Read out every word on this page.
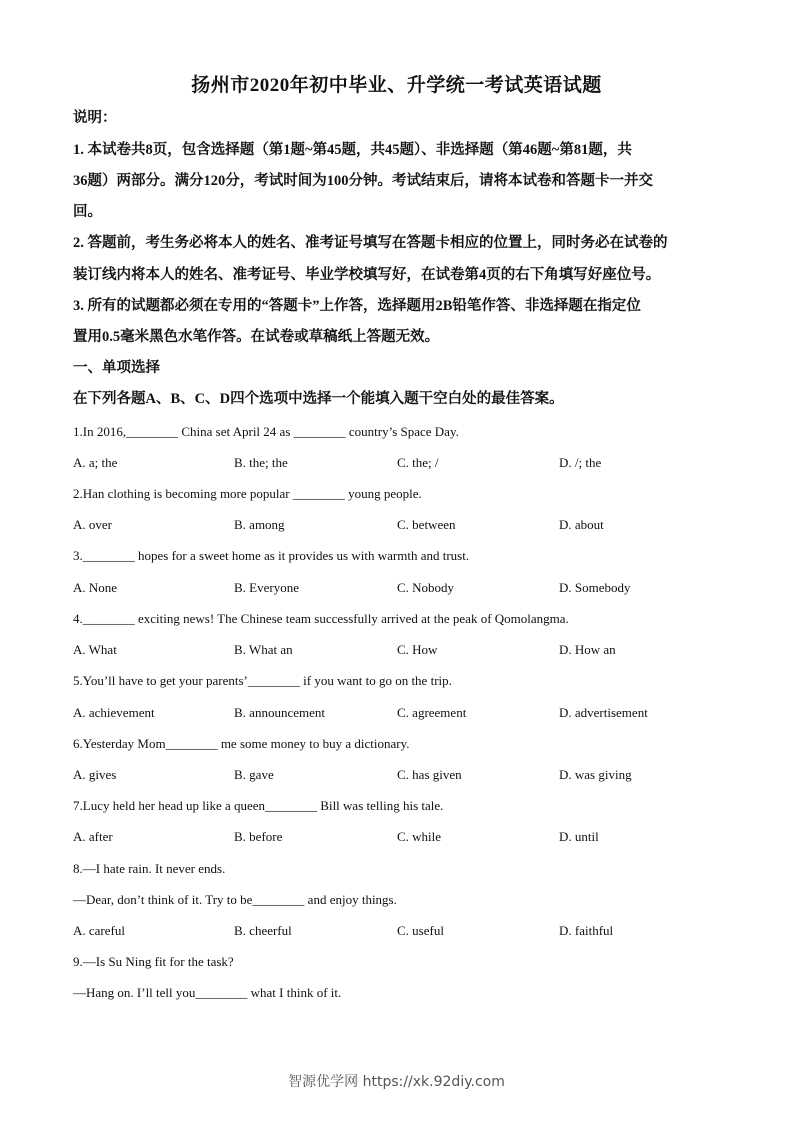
扬州市2020年初中毕业、升学统一考试英语试题
说明：
1. 本试卷共8页，包含选择题（第1题~第45题，共45题）、非选择题（第46题~第81题，共
36题）两部分。满分120分，考试时间为100分钟。考试结束后，请将本试卷和答题卡一并交
回。
2. 答题前，考生务必将本人的姓名、准考证号填写在答题卡相应的位置上，同时务必在试卷的
装订线内将本人的姓名、准考证号、毕业学校填写好，在试卷第4页的右下角填写好座位号。
3. 所有的试题都必须在专用的“答题卡”上作答，选择题用2B铅笔作答、非选择题在指定位
置用0.5毫米黑色水笔作答。在试卷或草稿纸上答题无效。
一、单项选择
在下列各题A、B、C、D四个选项中选择一个能填入题干空白处的最佳答案。
1.In 2016,________ China set April 24 as ________ country’s Space Day.
A. a; the	B. the; the	C. the; /	D. /; the
2.Han clothing is becoming more popular ________ young people.
A. over	B. among	C. between	D. about
3.________ hopes for a sweet home as it provides us with warmth and trust.
A. None	B. Everyone	C. Nobody	D. Somebody
4.________ exciting news! The Chinese team successfully arrived at the peak of Qomolangma.
A. What	B. What an	C. How	D. How an
5.You’ll have to get your parents’________ if you want to go on the trip.
A. achievement	B. announcement	C. agreement	D. advertisement
6.Yesterday Mom________ me some money to buy a dictionary.
A. gives	B. gave	C. has given	D. was giving
7.Lucy held her head up like a queen________ Bill was telling his tale.
A. after	B. before	C. while	D. until
8.—I hate rain. It never ends.
—Dear, don’t think of it. Try to be________ and enjoy things.
A. careful	B. cheerful	C. useful	D. faithful
9.—Is Su Ning fit for the task?
—Hang on. I’ll tell you________ what I think of it.
智源优学网 https://xk.92diy.com
